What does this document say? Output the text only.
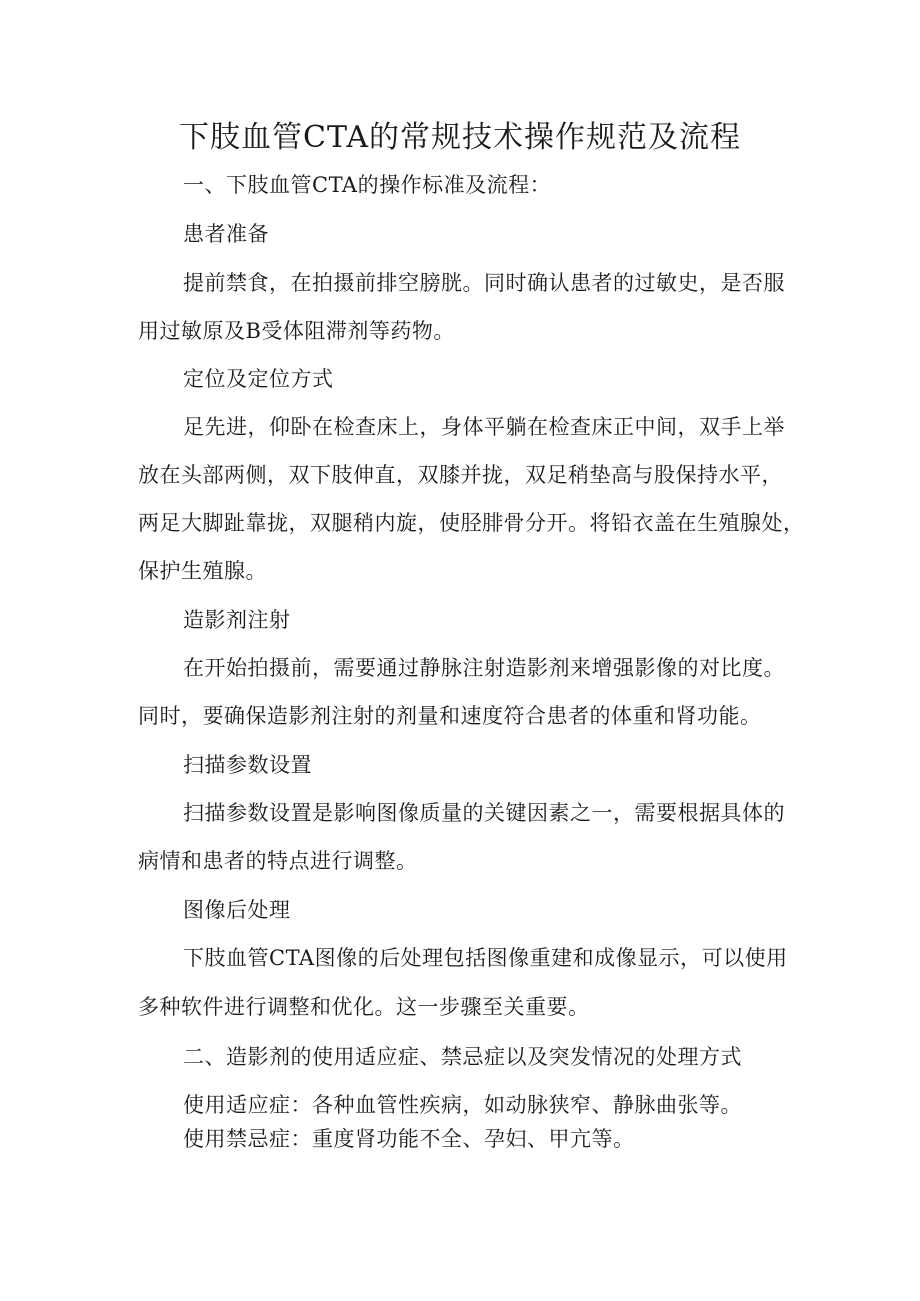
下肢血管CTA的常规技术操作规范及流程
一、下肢血管CTA的操作标准及流程：
患者准备
提前禁食，在拍摄前排空膀胱。同时确认患者的过敏史，是否服
用过敏原及B受体阻滞剂等药物。
定位及定位方式
足先进，仰卧在检查床上，身体平躺在检查床正中间，双手上举
放在头部两侧，双下肢伸直，双膝并拢，双足稍垫高与股保持水平，
两足大脚趾靠拢，双腿稍内旋，使胫腓骨分开。将铅衣盖在生殖腺处，
保护生殖腺。
造影剂注射
在开始拍摄前，需要通过静脉注射造影剂来增强影像的对比度。
同时，要确保造影剂注射的剂量和速度符合患者的体重和肾功能。
扫描参数设置
扫描参数设置是影响图像质量的关键因素之一，需要根据具体的
病情和患者的特点进行调整。
图像后处理
下肢血管CTA图像的后处理包括图像重建和成像显示，可以使用
多种软件进行调整和优化。这一步骤至关重要。
二、造影剂的使用适应症、禁忌症以及突发情况的处理方式
使用适应症：各种血管性疾病，如动脉狭窄、静脉曲张等。
使用禁忌症：重度肾功能不全、孕妇、甲亢等。
